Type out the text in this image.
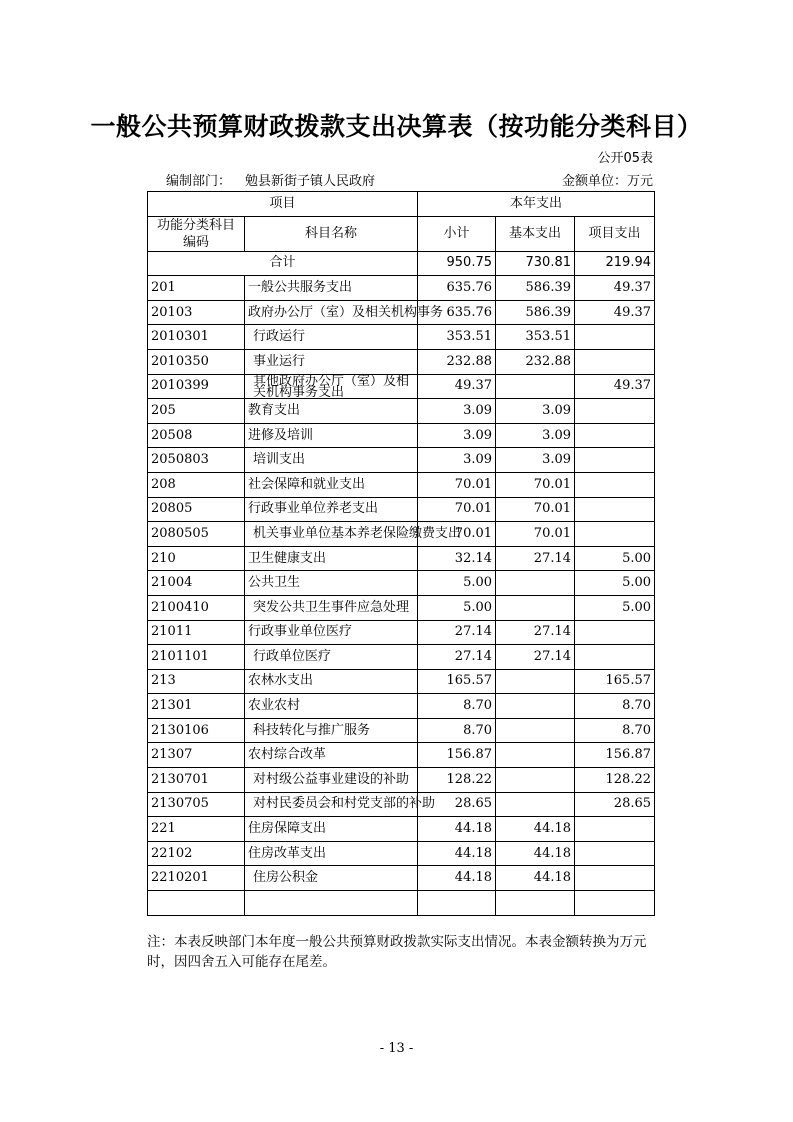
一般公共预算财政拨款支出决算表（按功能分类科目）
公开05表
编制部门： 勉县新街子镇人民政府	金额单位：万元
项目		本年支出		
功能分类科目编码	科目名称	小计	基本支出	项目支出
合计		950.75	730.81	219.94
201	一般公共服务支出	635.76	586.39	49.37
20103	政府办公厅（室）及相关机构事务	635.76	586.39	49.37
2010301	行政运行	353.51	353.51	
2010350	事业运行	232.88	232.88	
2010399	其他政府办公厅（室）及相关机构事务支出	49.37		49.37
205	教育支出	3.09	3.09	
20508	进修及培训	3.09	3.09	
2050803	培训支出	3.09	3.09	
208	社会保障和就业支出	70.01	70.01	
20805	行政事业单位养老支出	70.01	70.01	
2080505	机关事业单位基本养老保险缴费支出	70.01	70.01	
210	卫生健康支出	32.14	27.14	5.00
21004	公共卫生	5.00		5.00
2100410	突发公共卫生事件应急处理	5.00		5.00
21011	行政事业单位医疗	27.14	27.14	
2101101	行政单位医疗	27.14	27.14	
213	农林水支出	165.57		165.57
21301	农业农村	8.70		8.70
2130106	科技转化与推广服务	8.70		8.70
21307	农村综合改革	156.87		156.87
2130701	对村级公益事业建设的补助	128.22		128.22
2130705	对村民委员会和村党支部的补助	28.65		28.65
221	住房保障支出	44.18	44.18	
22102	住房改革支出	44.18	44.18	
2210201	住房公积金	44.18	44.18	

注：本表反映部门本年度一般公共预算财政拨款实际支出情况。本表金额转换为万元时，因四舍五入可能存在尾差。
- 13 -
